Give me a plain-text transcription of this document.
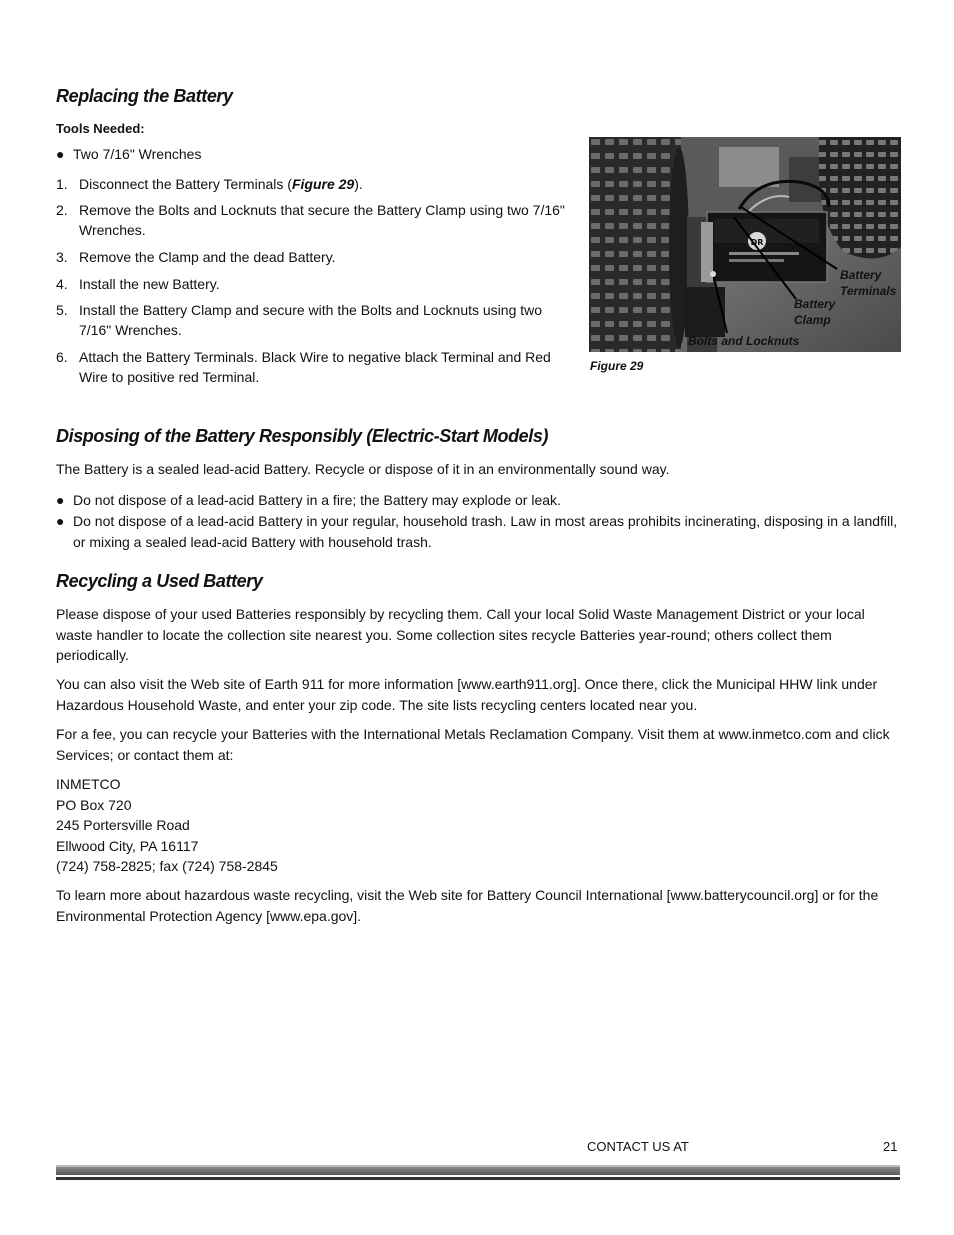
Replacing the Battery
Tools Needed:
● Two 7/16" Wrenches
1. Disconnect the Battery Terminals (Figure 29).
2. Remove the Bolts and Locknuts that secure the Battery Clamp using two 7/16" Wrenches.
3. Remove the Clamp and the dead Battery.
4. Install the new Battery.
5. Install the Battery Clamp and secure with the Bolts and Locknuts using two 7/16" Wrenches.
6. Attach the Battery Terminals. Black Wire to negative black Terminal and Red Wire to positive red Terminal.
DR
Battery
Terminals
Battery
Clamp
Bolts and Locknuts
Figure 29
Disposing of the Battery Responsibly (Electric-Start Models)
The Battery is a sealed lead-acid Battery. Recycle or dispose of it in an environmentally sound way.
● Do not dispose of a lead-acid Battery in a fire; the Battery may explode or leak.
● Do not dispose of a lead-acid Battery in your regular, household trash. Law in most areas prohibits incinerating, disposing in a landfill, or mixing a sealed lead-acid Battery with household trash.
Recycling a Used Battery
Please dispose of your used Batteries responsibly by recycling them. Call your local Solid Waste Management District or your local waste handler to locate the collection site nearest you. Some collection sites recycle Batteries year-round; others collect them periodically.
You can also visit the Web site of Earth 911 for more information [www.earth911.org]. Once there, click the Municipal HHW link under Hazardous Household Waste, and enter your zip code. The site lists recycling centers located near you.
For a fee, you can recycle your Batteries with the International Metals Reclamation Company. Visit them at www.inmetco.com and click Services; or contact them at:
INMETCO
PO Box 720
245 Portersville Road
Ellwood City, PA 16117
(724) 758-2825; fax (724) 758-2845
To learn more about hazardous waste recycling, visit the Web site for Battery Council International [www.batterycouncil.org] or for the Environmental Protection Agency [www.epa.gov].
CONTACT US AT	21
